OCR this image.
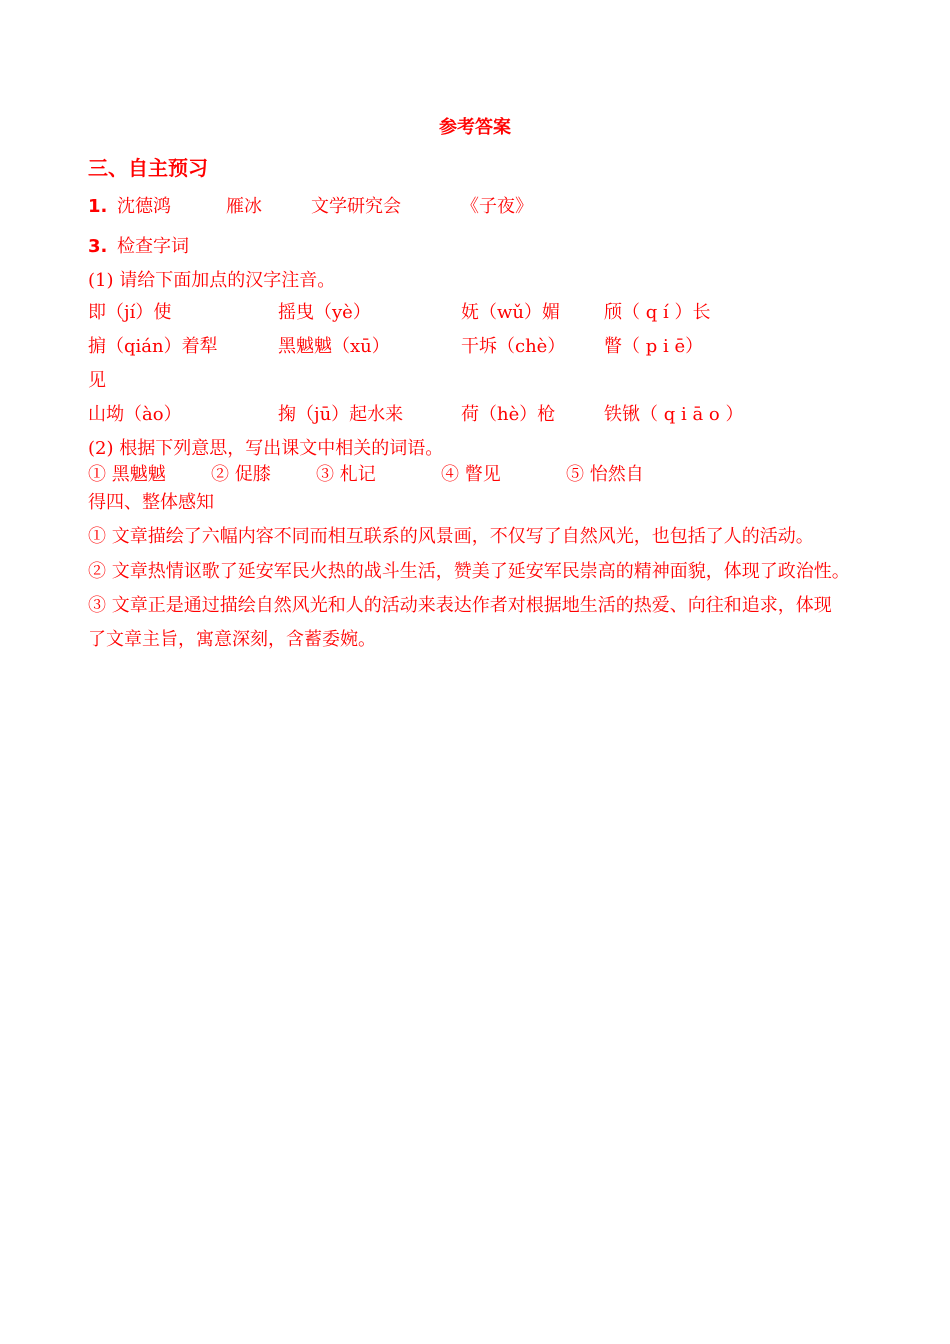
参考答案
三、自主预习
1. 沈德鸿	雁冰	文学研究会	《子夜》
3. 检查字词
(1) 请给下面加点的汉字注音。
即（jí）使	摇曳（yè）	妩（wǔ）媚 颀（ q í ）长
掮（qián）着犁	黑魆魆（xū）	干坼（chè） 瞥（ p i ē）
见
山坳（ào）	掬（jū）起水来	荷（hè）枪	铁锹（ q i ā o ）
(2) 根据下列意思，写出课文中相关的词语。
① 黑魆魆	② 促膝	③ 札记	④ 瞥见	⑤ 怡然自
得四、整体感知
① 文章描绘了六幅内容不同而相互联系的风景画，不仅写了自然风光，也包括了人的活动。
② 文章热情讴歌了延安军民火热的战斗生活，赞美了延安军民崇高的精神面貌，体现了政治性。
③ 文章正是通过描绘自然风光和人的活动来表达作者对根据地生活的热爱、向往和追求，体现
了文章主旨，寓意深刻，含蓄委婉。
